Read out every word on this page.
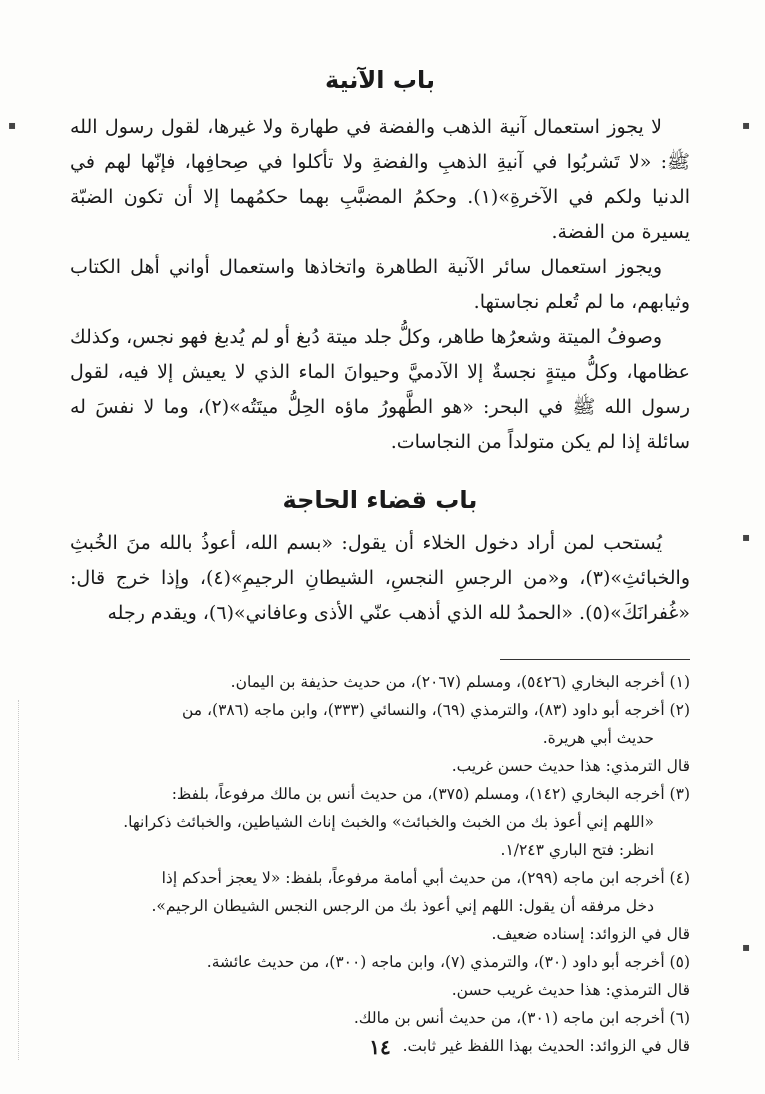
باب الآنية

لا يجوز استعمال آنية الذهب والفضة في طهارة ولا غيرها، لقول رسول الله ﷺ: «لا تَشربُوا في آنيةِ الذهبِ والفضةِ ولا تأكلوا في صِحافِها، فإنّها لهم في الدنيا ولكم في الآخرةِ»(١). وحكمُ المضبَّبِ بهما حكمُهما إلا أن تكون الضبّة يسيرة من الفضة.

ويجوز استعمال سائر الآنية الطاهرة واتخاذها واستعمال أواني أهل الكتاب وثيابهم، ما لم تُعلم نجاستها.

وصوفُ الميتة وشعرُها طاهر، وكلُّ جلد ميتة دُبغ أو لم يُدبغ فهو نجس، وكذلك عظامها، وكلُّ ميتةٍ نجسةٌ إلا الآدميَّ وحيوانَ الماء الذي لا يعيش إلا فيه، لقول رسول الله ﷺ في البحر: «هو الطَّهورُ ماؤه الحِلُّ ميتَتُه»(٢)، وما لا نفسَ له سائلة إذا لم يكن متولداً من النجاسات.

باب قضاء الحاجة

يُستحب لمن أراد دخول الخلاء أن يقول: «بسم الله، أعوذُ بالله منَ الخُبثِ والخبائثِ»(٣)، و«من الرجسِ النجسِ، الشيطانِ الرجيمِ»(٤)، وإذا خرج قال: «غُفرانَكَ»(٥). «الحمدُ لله الذي أذهب عنّي الأذى وعافاني»(٦)، ويقدم رجله

(١) أخرجه البخاري (٥٤٢٦)، ومسلم (٢٠٦٧)، من حديث حذيفة بن اليمان.

(٢) أخرجه أبو داود (٨٣)، والترمذي (٦٩)، والنسائي (٣٣٣)، وابن ماجه (٣٨٦)، من

حديث أبي هريرة.

قال الترمذي: هذا حديث حسن غريب.

(٣) أخرجه البخاري (١٤٢)، ومسلم (٣٧٥)، من حديث أنس بن مالك مرفوعاً، بلفظ:

«اللهم إني أعوذ بك من الخبث والخبائث» والخبث إناث الشياطين، والخبائث ذكرانها.

انظر: فتح الباري ١/٢٤٣.

(٤) أخرجه ابن ماجه (٢٩٩)، من حديث أبي أمامة مرفوعاً، بلفظ: «لا يعجز أحدكم إذا

دخل مرفقه أن يقول: اللهم إني أعوذ بك من الرجس النجس الشيطان الرجيم».

قال في الزوائد: إسناده ضعيف.

(٥) أخرجه أبو داود (٣٠)، والترمذي (٧)، وابن ماجه (٣٠٠)، من حديث عائشة.

قال الترمذي: هذا حديث غريب حسن.

(٦) أخرجه ابن ماجه (٣٠١)، من حديث أنس بن مالك.

قال في الزوائد: الحديث بهذا اللفظ غير ثابت.

١٤
▪	▪
▪
▪
